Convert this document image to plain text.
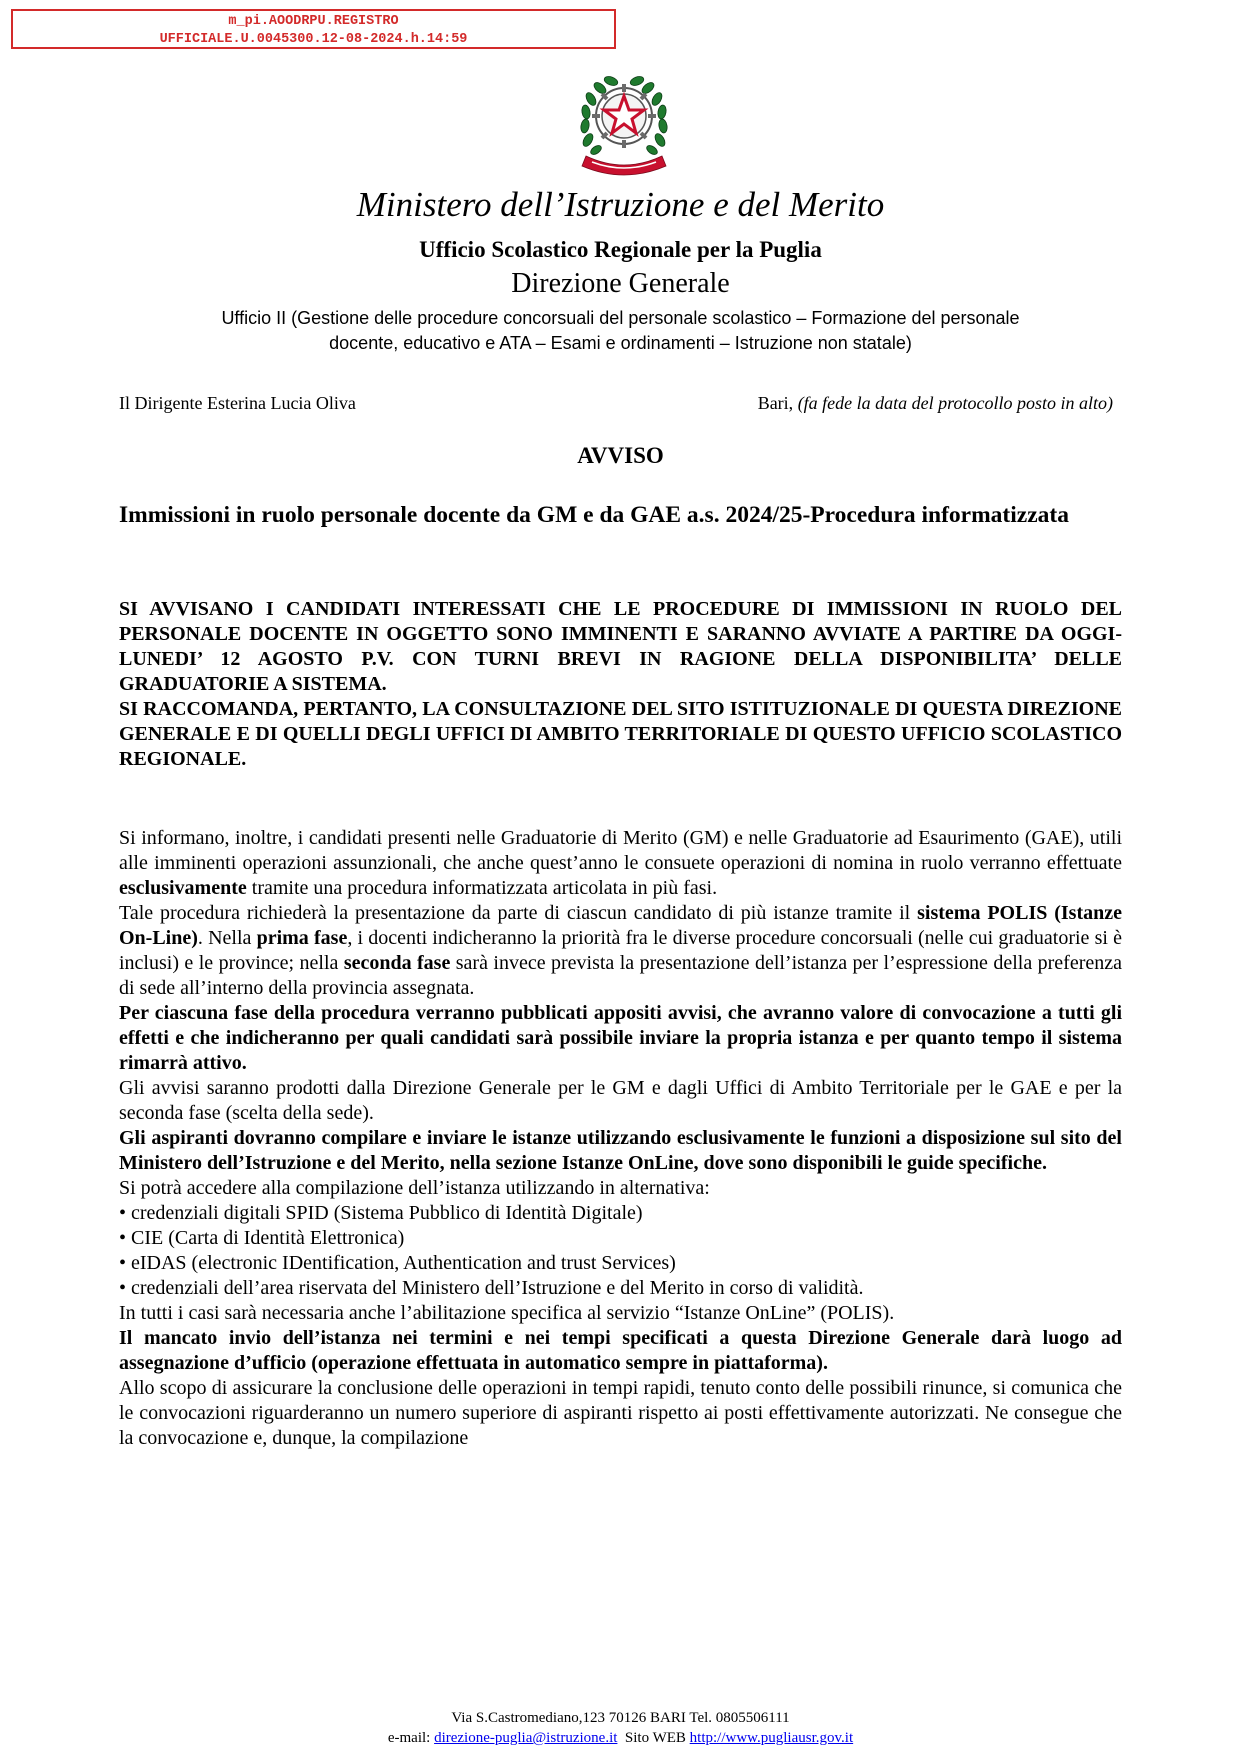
m_pi.AOODRPU.REGISTRO
UFFICIALE.U.0045300.12-08-2024.h.14:59
Ministero dell’Istruzione e del Merito
Ufficio Scolastico Regionale per la Puglia
Direzione Generale
Ufficio II (Gestione delle procedure concorsuali del personale scolastico – Formazione del personale
docente, educativo e ATA – Esami e ordinamenti – Istruzione non statale)
Il Dirigente Esterina Lucia Oliva	Bari, (fa fede la data del protocollo posto in alto)
AVVISO
Immissioni in ruolo personale docente da GM e da GAE a.s. 2024/25-Procedura informatizzata

SI AVVISANO I CANDIDATI INTERESSATI CHE LE PROCEDURE DI IMMISSIONI IN RUOLO DEL PERSONALE DOCENTE IN OGGETTO SONO IMMINENTI E SARANNO AVVIATE A PARTIRE DA OGGI-LUNEDI’ 12 AGOSTO P.V. CON TURNI BREVI IN RAGIONE DELLA DISPONIBILITA’ DELLE GRADUATORIE A SISTEMA.

SI RACCOMANDA, PERTANTO, LA CONSULTAZIONE DEL SITO ISTITUZIONALE DI QUESTA DIREZIONE GENERALE E DI QUELLI DEGLI UFFICI DI AMBITO TERRITORIALE DI QUESTO UFFICIO SCOLASTICO REGIONALE.

Si informano, inoltre, i candidati presenti nelle Graduatorie di Merito (GM) e nelle Graduatorie ad Esaurimento (GAE), utili alle imminenti operazioni assunzionali, che anche quest’anno le consuete operazioni di nomina in ruolo verranno effettuate esclusivamente tramite una procedura informatizzata articolata in più fasi.

Tale procedura richiederà la presentazione da parte di ciascun candidato di più istanze tramite il sistema POLIS (Istanze On-Line). Nella prima fase, i docenti indicheranno la priorità fra le diverse procedure concorsuali (nelle cui graduatorie si è inclusi) e le province; nella seconda fase sarà invece prevista la presentazione dell’istanza per l’espressione della preferenza di sede all’interno della provincia assegnata.

Per ciascuna fase della procedura verranno pubblicati appositi avvisi, che avranno valore di convocazione a tutti gli effetti e che indicheranno per quali candidati sarà possibile inviare la propria istanza e per quanto tempo il sistema rimarrà attivo.

Gli avvisi saranno prodotti dalla Direzione Generale per le GM e dagli Uffici di Ambito Territoriale per le GAE e per la seconda fase (scelta della sede).

Gli aspiranti dovranno compilare e inviare le istanze utilizzando esclusivamente le funzioni a disposizione sul sito del Ministero dell’Istruzione e del Merito, nella sezione Istanze OnLine, dove sono disponibili le guide specifiche.

Si potrà accedere alla compilazione dell’istanza utilizzando in alternativa:

• credenziali digitali SPID (Sistema Pubblico di Identità Digitale)

• CIE (Carta di Identità Elettronica)

• eIDAS (electronic IDentification, Authentication and trust Services)

• credenziali dell’area riservata del Ministero dell’Istruzione e del Merito in corso di validità.

In tutti i casi sarà necessaria anche l’abilitazione specifica al servizio “Istanze OnLine” (POLIS).

Il mancato invio dell’istanza nei termini e nei tempi specificati a questa Direzione Generale darà luogo ad assegnazione d’ufficio (operazione effettuata in automatico sempre in piattaforma).

Allo scopo di assicurare la conclusione delle operazioni in tempi rapidi, tenuto conto delle possibili rinunce, si comunica che le convocazioni riguarderanno un numero superiore di aspiranti rispetto ai posti effettivamente autorizzati. Ne consegue che la convocazione e, dunque, la compilazione

Via S.Castromediano,123 70126 BARI Tel. 0805506111
e-mail: direzione-puglia@istruzione.it  Sito WEB http://www.pugliausr.gov.it
